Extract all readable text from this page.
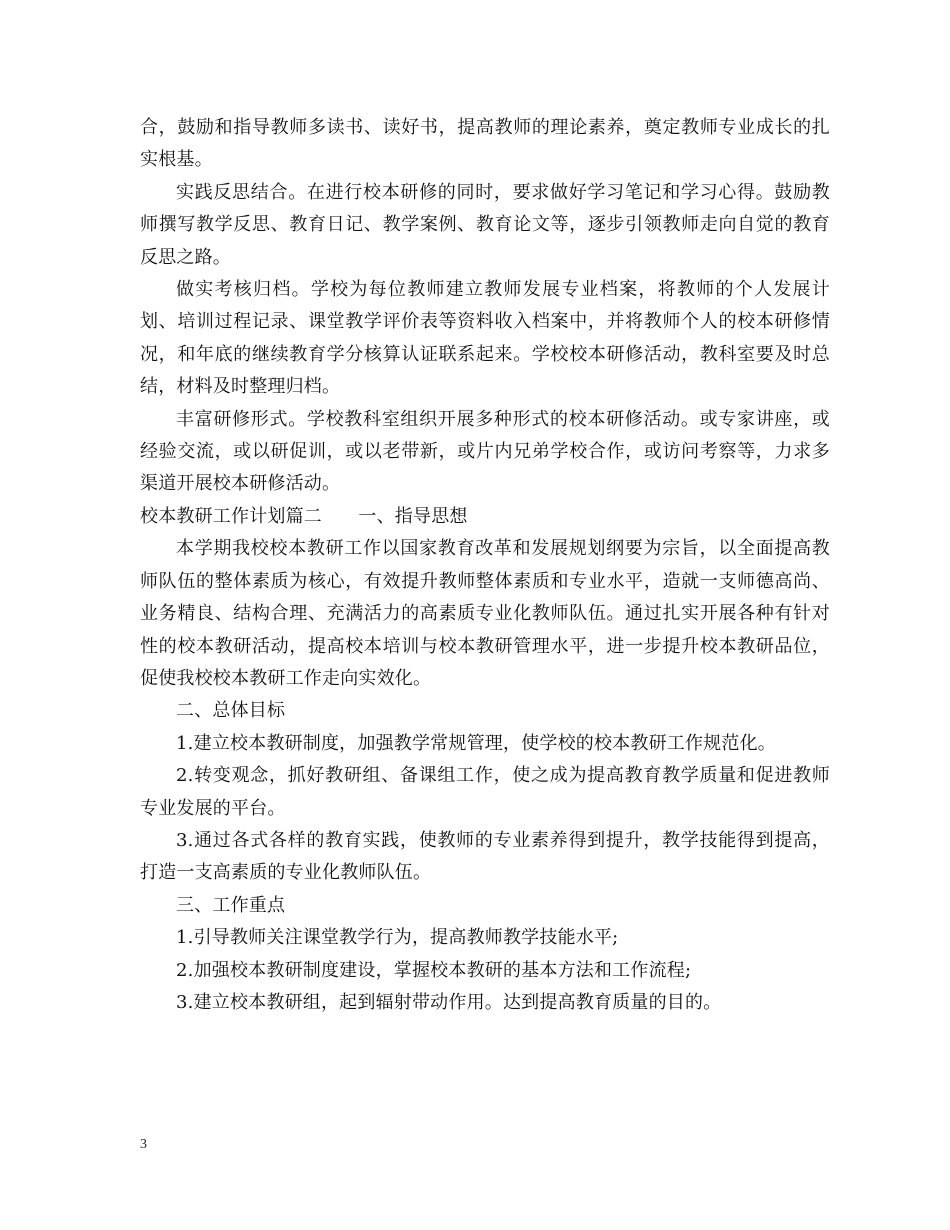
合，鼓励和指导教师多读书、读好书，提高教师的理论素养，奠定教师专业成长的扎实根基。

实践反思结合。在进行校本研修的同时，要求做好学习笔记和学习心得。鼓励教师撰写教学反思、教育日记、教学案例、教育论文等，逐步引领教师走向自觉的教育反思之路。

做实考核归档。学校为每位教师建立教师发展专业档案，将教师的个人发展计划、培训过程记录、课堂教学评价表等资料收入档案中，并将教师个人的校本研修情况，和年底的继续教育学分核算认证联系起来。学校校本研修活动，教科室要及时总结，材料及时整理归档。

丰富研修形式。学校教科室组织开展多种形式的校本研修活动。或专家讲座，或经验交流，或以研促训，或以老带新，或片内兄弟学校合作，或访问考察等，力求多渠道开展校本研修活动。

校本教研工作计划篇二　　一、指导思想

本学期我校校本教研工作以国家教育改革和发展规划纲要为宗旨，以全面提高教师队伍的整体素质为核心，有效提升教师整体素质和专业水平，造就一支师德高尚、业务精良、结构合理、充满活力的高素质专业化教师队伍。通过扎实开展各种有针对性的校本教研活动，提高校本培训与校本教研管理水平，进一步提升校本教研品位，促使我校校本教研工作走向实效化。

二、总体目标

1.建立校本教研制度，加强教学常规管理，使学校的校本教研工作规范化。

2.转变观念，抓好教研组、备课组工作，使之成为提高教育教学质量和促进教师专业发展的平台。

3.通过各式各样的教育实践，使教师的专业素养得到提升，教学技能得到提高，打造一支高素质的专业化教师队伍。

三、工作重点

1.引导教师关注课堂教学行为，提高教师教学技能水平;

2.加强校本教研制度建设，掌握校本教研的基本方法和工作流程;

3.建立校本教研组，起到辐射带动作用。达到提高教育质量的目的。

3
